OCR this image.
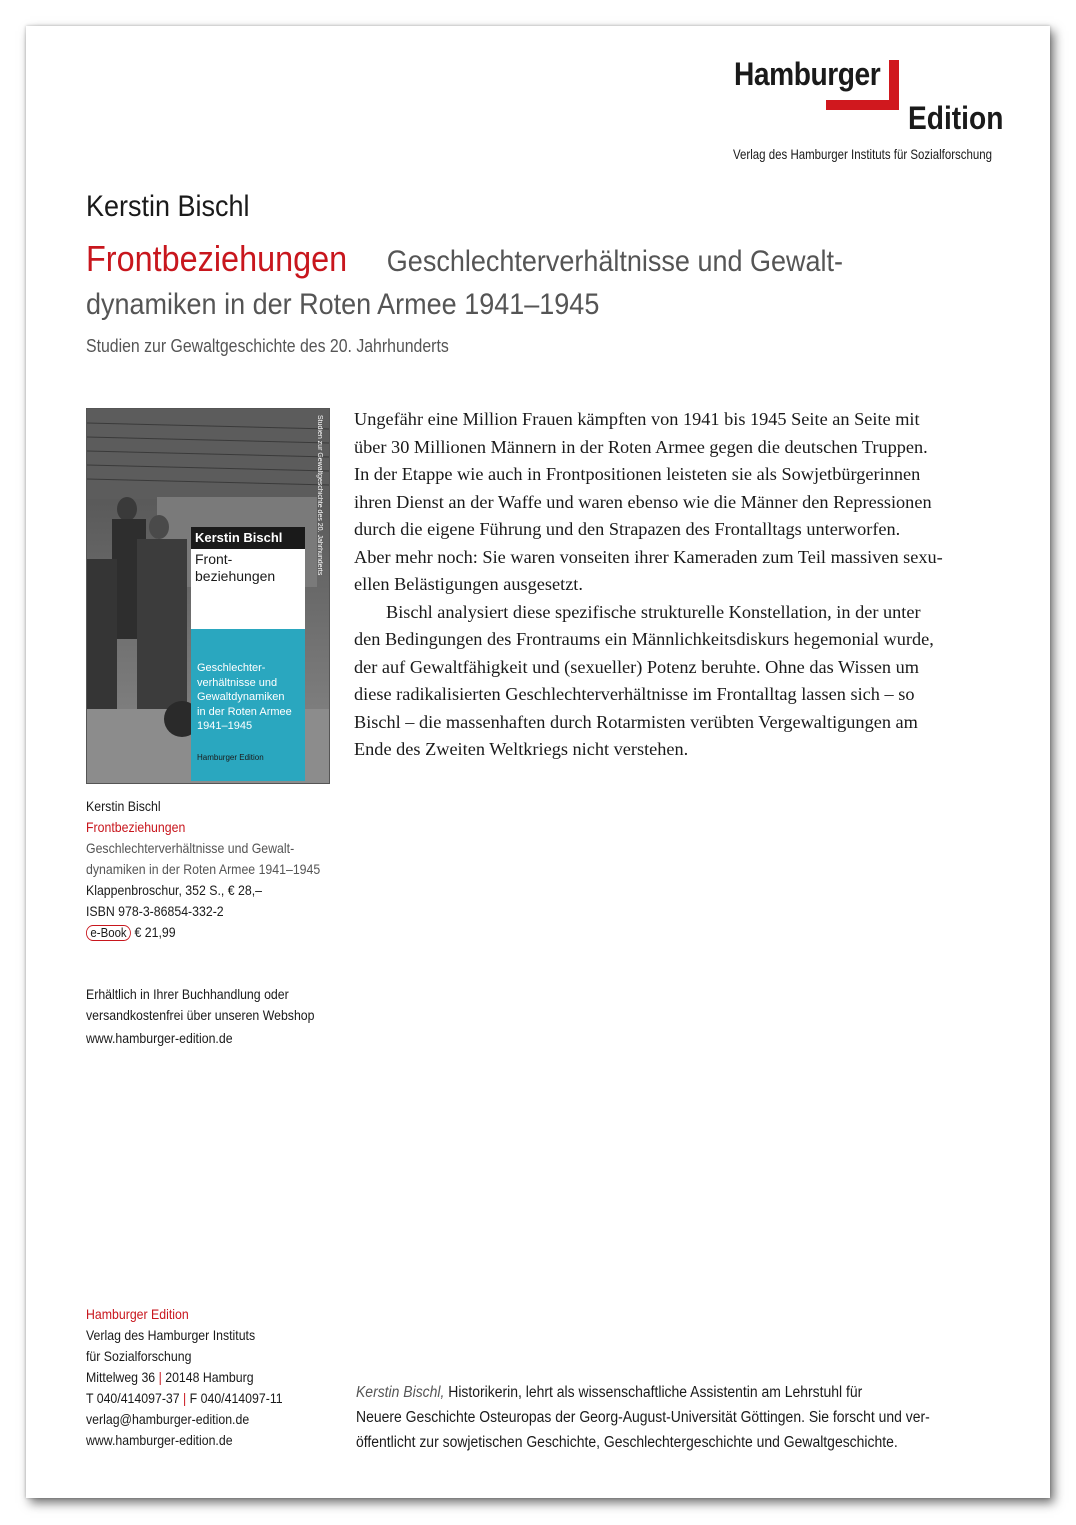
Hamburger
Edition
Verlag des Hamburger Instituts für Sozialforschung
Kerstin Bischl
Frontbeziehungen Geschlechterverhältnisse und Gewalt-
dynamiken in der Roten Armee 1941–1945
Studien zur Gewaltgeschichte des 20. Jahrhunderts
Studien zur Gewaltgeschichte des 20. Jahrhunderts
Kerstin Bischl
Front-
beziehungen
Geschlechter-
verhältnisse und
Gewaltdynamiken
in der Roten Armee
1941–1945
Hamburger Edition
Kerstin Bischl
Frontbeziehungen
Geschlechterverhältnisse und Gewalt-
dynamiken in der Roten Armee 1941–1945
Klappenbroschur, 352 S., € 28,–
ISBN 978-3-86854-332-2
e-Book € 21,99
Erhältlich in Ihrer Buchhandlung oder
versandkostenfrei über unseren Webshop
www.hamburger-edition.de
Ungefähr eine Million Frauen kämpften von 1941 bis 1945 Seite an Seite mit
über 30 Millionen Männern in der Roten Armee gegen die deutschen Truppen.
In der Etappe wie auch in Frontpositionen leisteten sie als Sowjetbürgerinnen
ihren Dienst an der Waffe und waren ebenso wie die Männer den Repressionen
durch die eigene Führung und den Strapazen des Frontalltags unterworfen.
Aber mehr noch: Sie waren vonseiten ihrer Kameraden zum Teil massiven sexu-
ellen Belästigungen ausgesetzt.
Bischl analysiert diese spezifische strukturelle Konstellation, in der unter
den Bedingungen des Frontraums ein Männlichkeitsdiskurs hegemonial wurde,
der auf Gewaltfähigkeit und (sexueller) Potenz beruhte. Ohne das Wissen um
diese radikalisierten Geschlechterverhältnisse im Frontalltag lassen sich – so
Bischl – die massenhaften durch Rotarmisten verübten Vergewaltigungen am
Ende des Zweiten Weltkriegs nicht verstehen.
Hamburger Edition
Verlag des Hamburger Instituts
für Sozialforschung
Mittelweg 36 | 20148 Hamburg
T 040/414097-37 | F 040/414097-11
verlag@hamburger-edition.de
www.hamburger-edition.de
Kerstin Bischl, Historikerin, lehrt als wissenschaftliche Assistentin am Lehrstuhl für
Neuere Geschichte Osteuropas der Georg-August-Universität Göttingen. Sie forscht und ver-
öffentlicht zur sowjetischen Geschichte, Geschlechtergeschichte und Gewaltgeschichte.
